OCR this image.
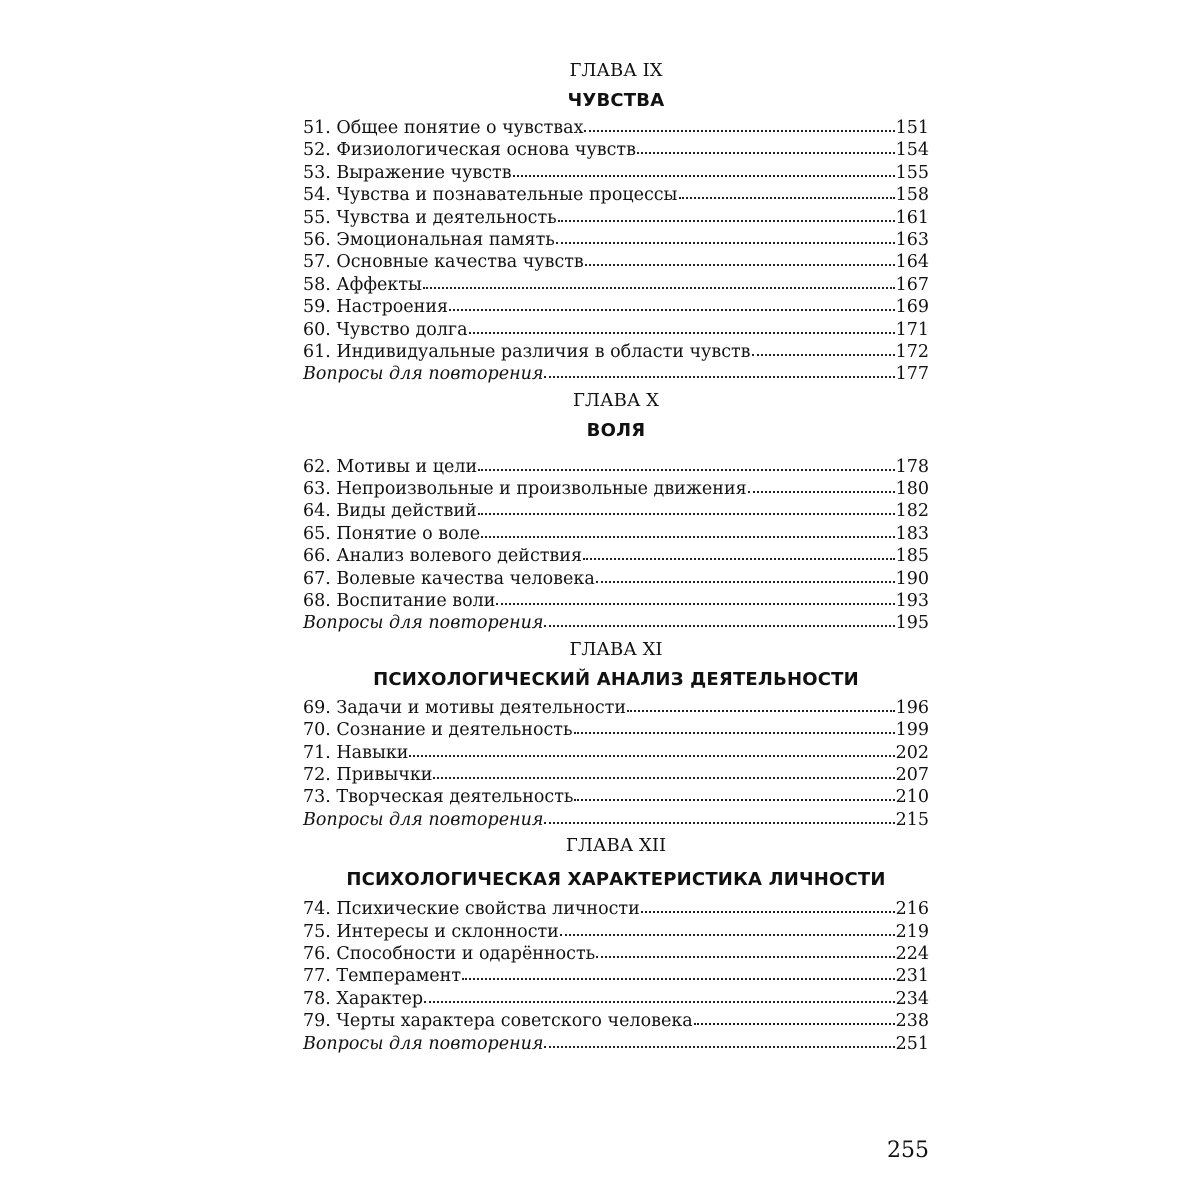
ГЛАВА IX
ЧУВСТВА
51. Общее понятие о чувствах	151
52. Физиологическая основа чувств	154
53. Выражение чувств	155
54. Чувства и познавательные процессы	158
55. Чувства и деятельность	161
56. Эмоциональная память	163
57. Основные качества чувств	164
58. Аффекты	167
59. Настроения	169
60. Чувство долга	171
61. Индивидуальные различия в области чувств	172
Вопросы для повторения	177
ГЛАВА X
ВОЛЯ
62. Мотивы и цели	178
63. Непроизвольные и произвольные движения	180
64. Виды действий	182
65. Понятие о воле	183
66. Анализ волевого действия	185
67. Волевые качества человека	190
68. Воспитание воли	193
Вопросы для повторения	195
ГЛАВА XI
ПСИХОЛОГИЧЕСКИЙ АНАЛИЗ ДЕЯТЕЛЬНОСТИ
69. Задачи и мотивы деятельности	196
70. Сознание и деятельность	199
71. Навыки	202
72. Привычки	207
73. Творческая деятельность	210
Вопросы для повторения	215
ГЛАВА XII
ПСИХОЛОГИЧЕСКАЯ ХАРАКТЕРИСТИКА ЛИЧНОСТИ
74. Психические свойства личности	216
75. Интересы и склонности	219
76. Способности и одарённость	224
77. Темперамент	231
78. Характер	234
79. Черты характера советского человека	238
Вопросы для повторения	251
255
